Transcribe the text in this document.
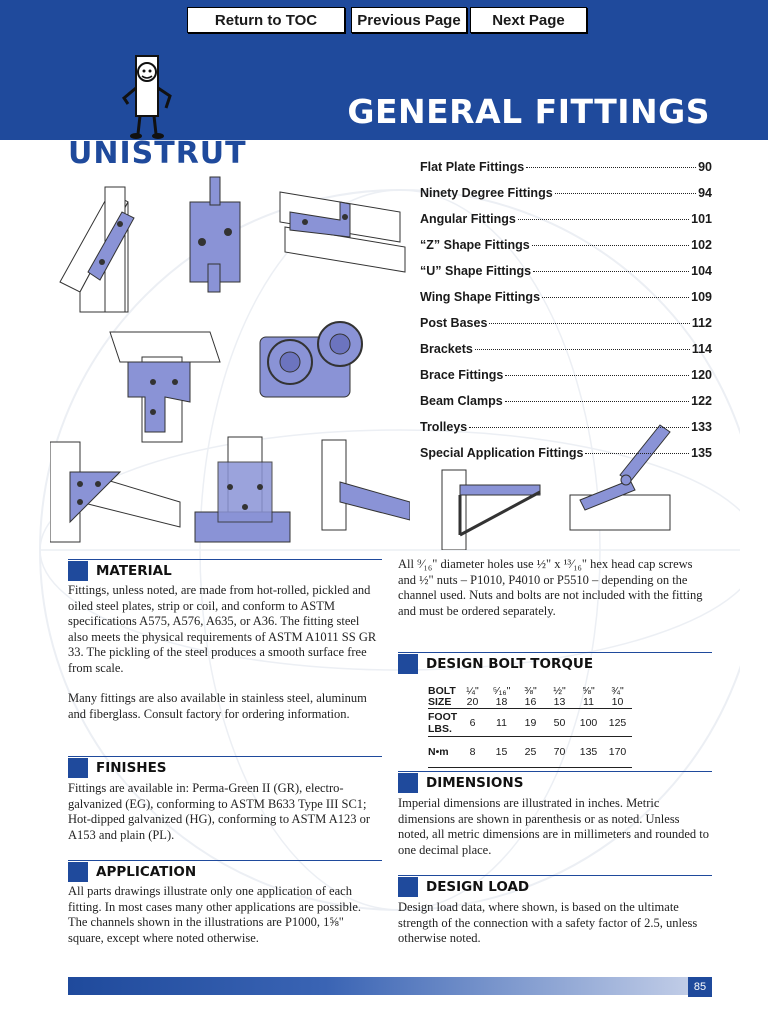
Return to TOC	Previous Page	Next Page
GENERAL FITTINGS
UNISTRUT	Flat Plate Fittings	90
Ninety Degree Fittings	94
Angular Fittings	101
“Z” Shape Fittings	102
“U” Shape Fittings	104
Wing Shape Fittings	109
Post Bases	112
Brackets	114
Brace Fittings	120
Beam Clamps	122
Trolleys	133
Special Application Fittings	135
MATERIAL

Fittings, unless noted, are made from hot-rolled, pickled and oiled steel plates, strip or coil, and conform to ASTM specifications A575, A576, A635, or A36. The fitting steel also meets the physical requirements of ASTM A1011 SS GR 33. The pickling of the steel produces a smooth surface free from scale.

Many fittings are also available in stainless steel, aluminum and fiberglass. Consult factory for ordering information.

FINISHES

Fittings are available in: Perma-Green II (GR), electro-galvanized (EG), conforming to ASTM B633 Type III SC1; Hot-dipped galvanized (HG), conforming to ASTM A123 or A153 and plain (PL).

APPLICATION

All parts drawings illustrate only one application of each fitting. In most cases many other applications are possible. The channels shown in the illustrations are P1000, 1⅝" square, except where noted otherwise.

All ⁹⁄₁₆" diameter holes use ½" x ¹³⁄₁₆" hex head cap screws and ½" nuts – P1010, P4010 or P5510 – depending on the channel used. Nuts and bolts are not included with the fitting and must be ordered separately.

DESIGN BOLT TORQUE
BOLT	¼"	⁵⁄₁₆"	⅜"	½"	⅝"	¾"
SIZE	20	18	16	13	11	10
FOOT LBS.	6	11	19	50	100	125
N•m	8	15	25	70	135	170
DIMENSIONS

Imperial dimensions are illustrated in inches. Metric dimensions are shown in parenthesis or as noted. Unless noted, all metric dimensions are in millimeters and rounded to one decimal place.

DESIGN LOAD

Design load data, where shown, is based on the ultimate strength of the connection with a safety factor of 2.5, unless otherwise noted.

85
